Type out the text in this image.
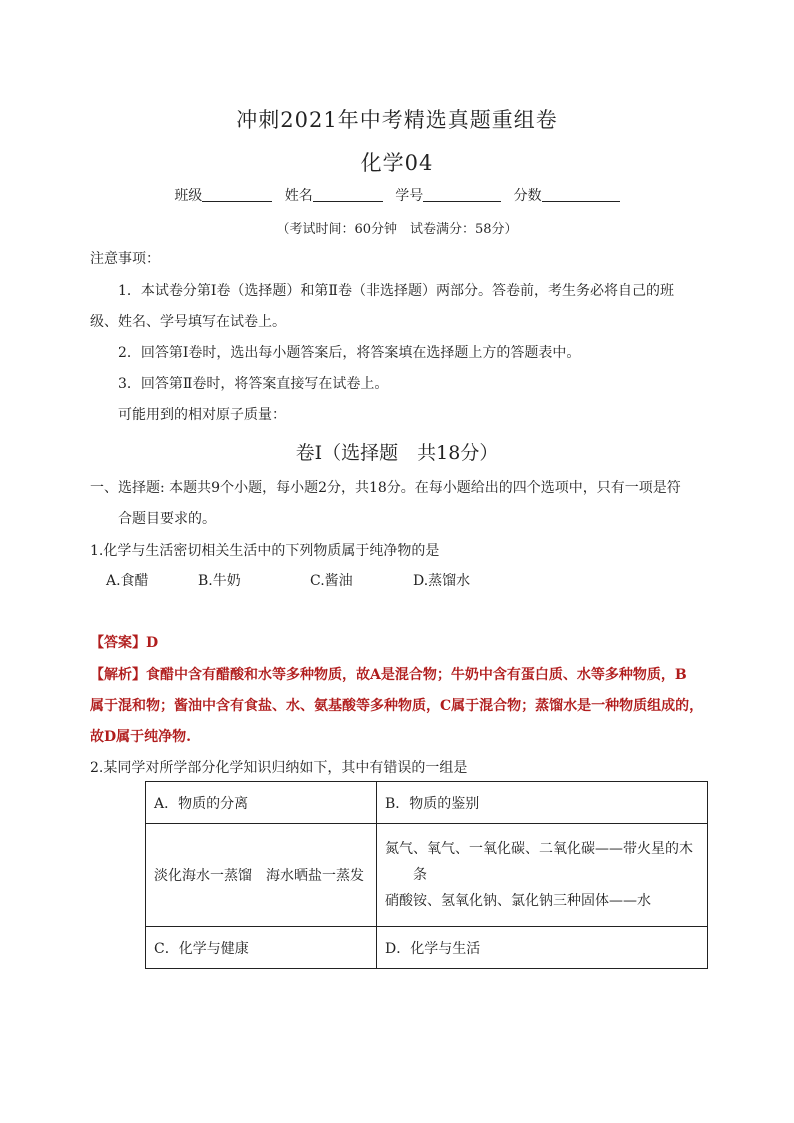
冲刺2021年中考精选真题重组卷
化学04
班级	姓名	学号	分数
（考试时间：60分钟　试卷满分：58分）
注意事项：
1．本试卷分第Ⅰ卷（选择题）和第Ⅱ卷（非选择题）两部分。答卷前，考生务必将自己的班
级、姓名、学号填写在试卷上。
2．回答第Ⅰ卷时，选出每小题答案后，将答案填在选择题上方的答题表中。
3．回答第Ⅱ卷时，将答案直接写在试卷上。
可能用到的相对原子质量：
卷Ⅰ（选择题　共18分）
一、选择题: 本题共9个小题，每小题2分，共18分。在每小题给出的四个选项中，只有一项是符
合题目要求的。
1.化学与生活密切相关生活中的下列物质属于纯净物的是
A.食醋	B.牛奶	C.酱油	D.蒸馏水
【答案】D
【解析】食醋中含有醋酸和水等多种物质，故A是混合物；牛奶中含有蛋白质、水等多种物质，B
属于混和物；酱油中含有食盐、水、氨基酸等多种物质，C属于混合物；蒸馏水是一种物质组成的，
故D属于纯净物.
2.某同学对所学部分化学知识归纳如下，其中有错误的一组是
A．物质的分离	B．物质的鉴别
淡化海水一蒸馏　海水晒盐一蒸发	氮气、氧气、一氧化碳、二氧化碳——带火星的木
条
硝酸铵、氢氧化钠、氯化钠三种固体——水

C．化学与健康	D．化学与生活
